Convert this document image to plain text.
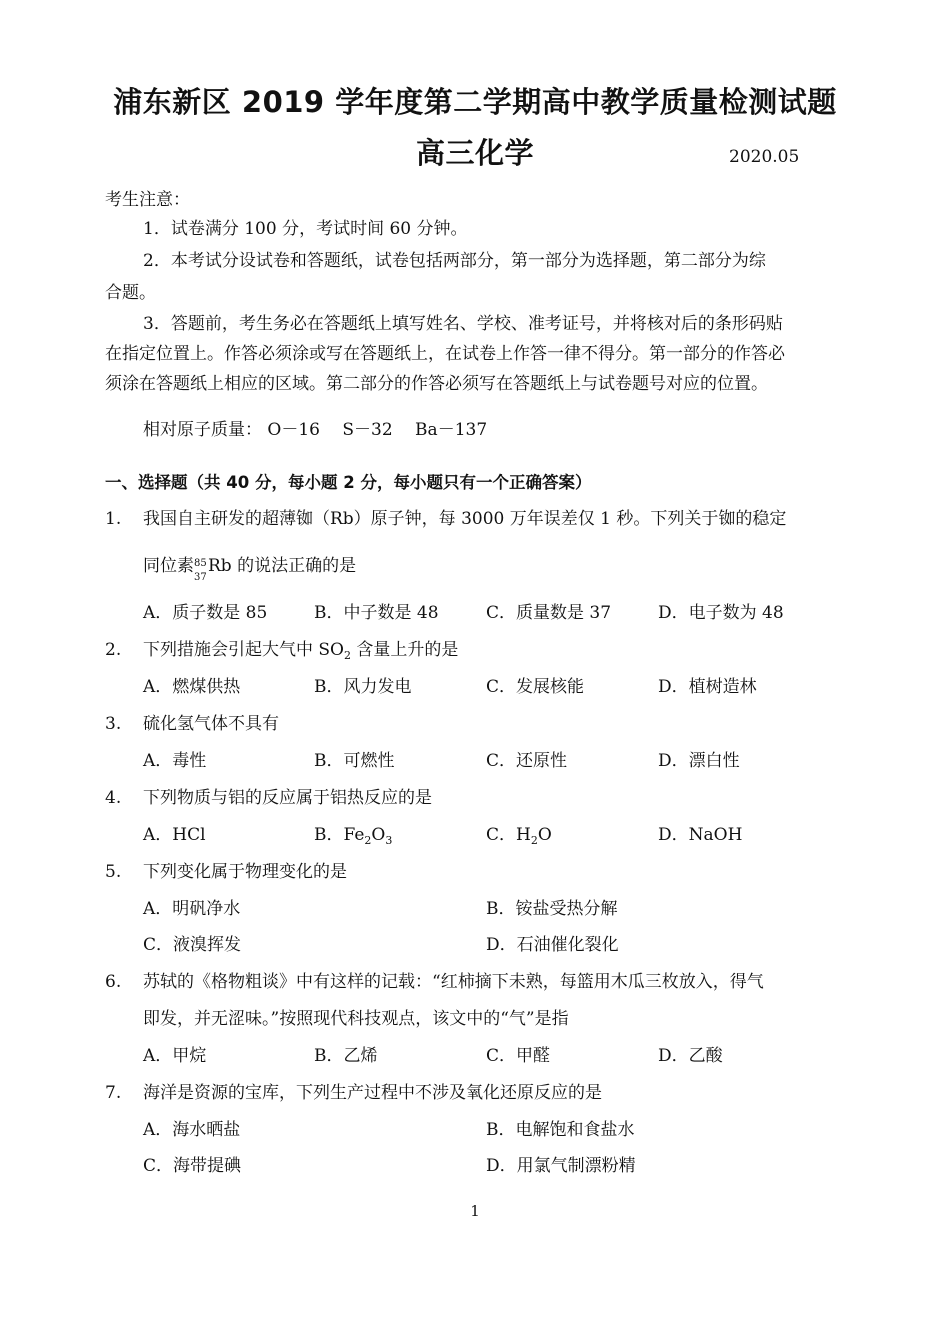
浦东新区 2019 学年度第二学期高中教学质量检测试题
高三化学	2020.05
考生注意：
1．试卷满分 100 分，考试时间 60 分钟。
2．本考试分设试卷和答题纸，试卷包括两部分，第一部分为选择题，第二部分为综
合题。
3．答题前，考生务必在答题纸上填写姓名、学校、准考证号，并将核对后的条形码贴
在指定位置上。作答必须涂或写在答题纸上，在试卷上作答一律不得分。第一部分的作答必
须涂在答题纸上相应的区域。第二部分的作答必须写在答题纸上与试卷题号对应的位置。
相对原子质量： O－16　 S－32　 Ba－137
一、选择题（共 40 分，每小题 2 分，每小题只有一个正确答案）
1. 我国自主研发的超薄铷（Rb）原子钟，每 3000 万年误差仅 1 秒。下列关于铷的稳定
同位素 85
37
Rb 的说法正确的是
A．质子数是 85	B．中子数是 48	C．质量数是 37	D．电子数为 48
2. 下列措施会引起大气中 $SO_2$ 含量上升的是
A．燃煤供热	B．风力发电	C．发展核能	D．植树造林
3. 硫化氢气体不具有
A．毒性	B．可燃性	C．还原性	D．漂白性
4. 下列物质与铝的反应属于铝热反应的是
A．HCl	B．$Fe_2O_3$	C．$H_2O$	D．NaOH
5. 下列变化属于物理变化的是
A．明矾净水	B．铵盐受热分解
C．液溴挥发	D．石油催化裂化
6. 苏轼的《格物粗谈》中有这样的记载：“红柿摘下未熟，每篮用木瓜三枚放入，得气
即发，并无涩味。”按照现代科技观点，该文中的“气”是指
A．甲烷	B．乙烯	C．甲醛	D．乙酸
7. 海洋是资源的宝库，下列生产过程中不涉及氧化还原反应的是
A．海水晒盐	B．电解饱和食盐水
C．海带提碘	D．用氯气制漂粉精
1
